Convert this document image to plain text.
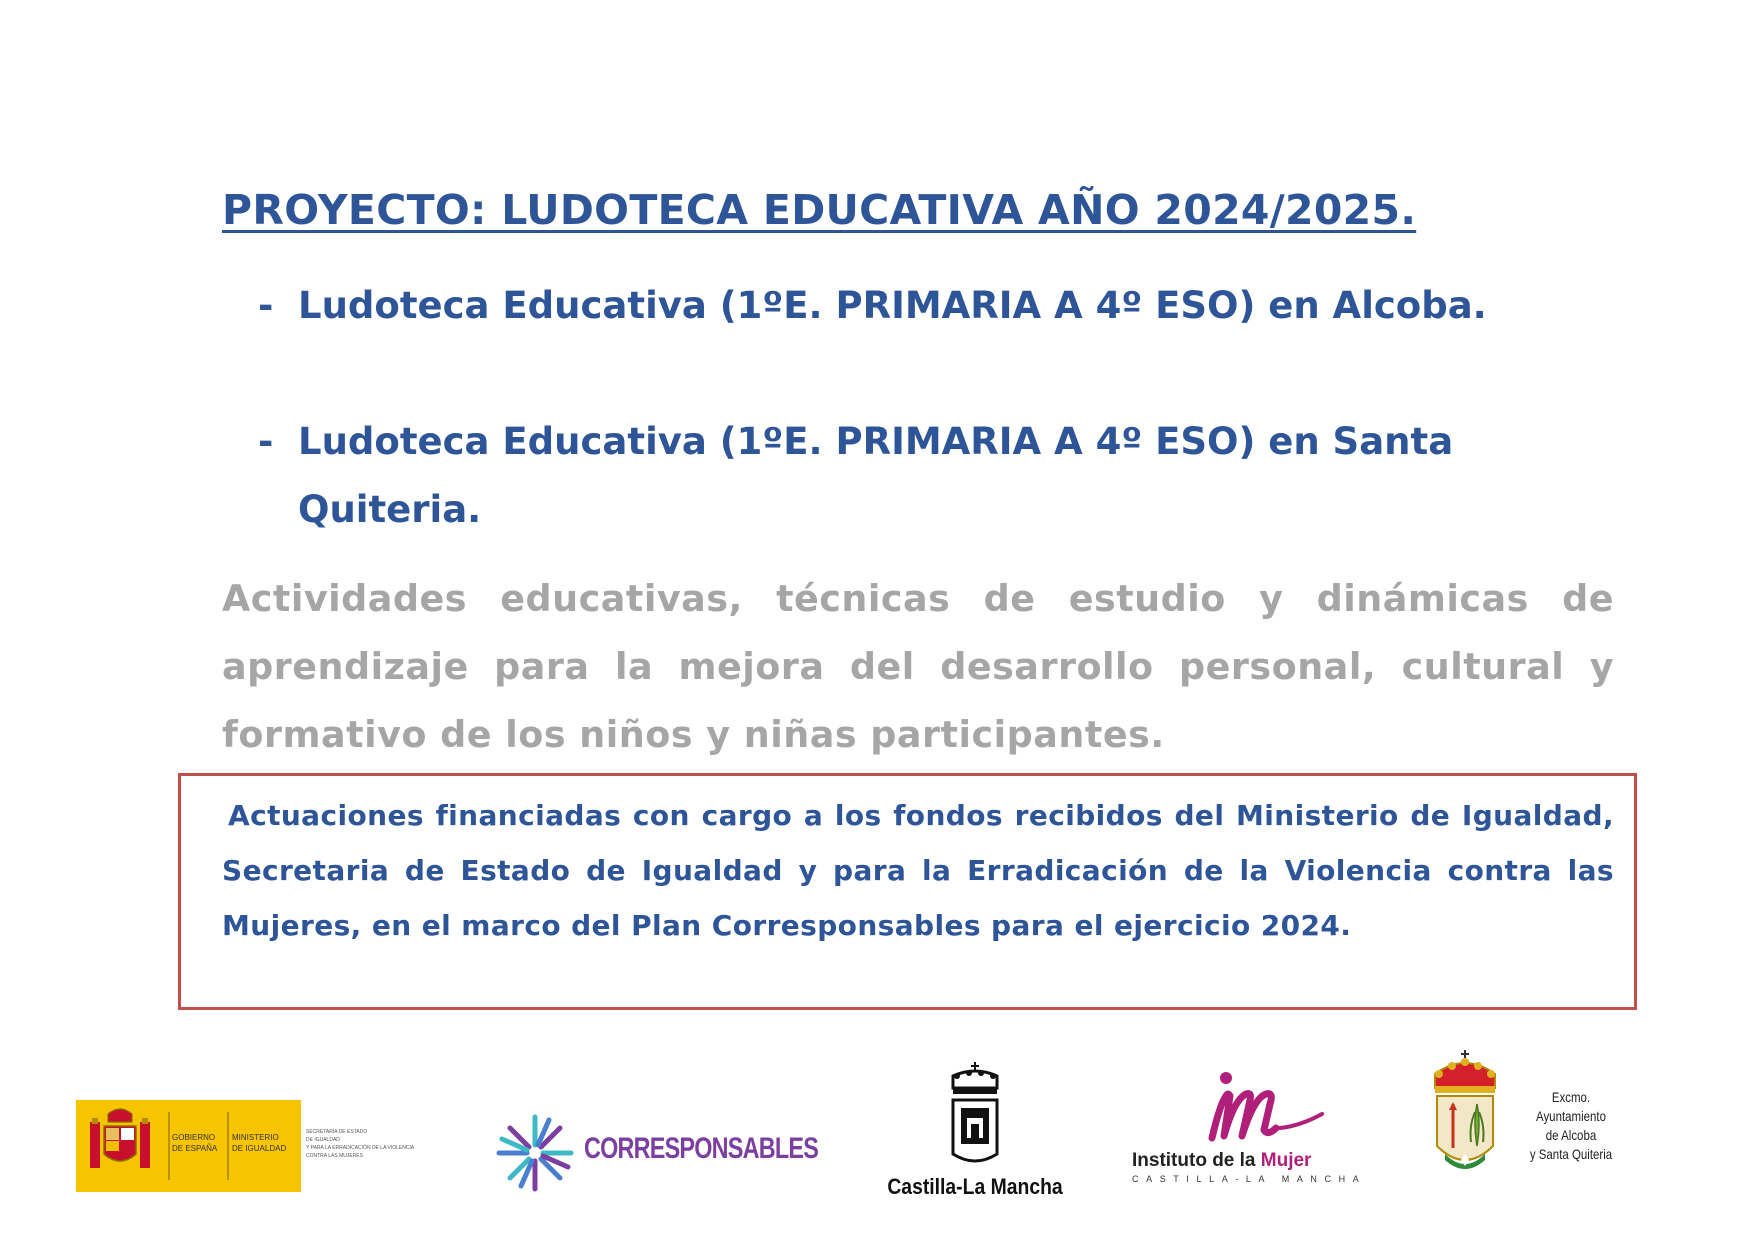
PROYECTO: LUDOTECA EDUCATIVA AÑO 2024/2025.
- Ludoteca Educativa (1ºE. PRIMARIA A 4º ESO) en Alcoba.
- Ludoteca Educativa (1ºE. PRIMARIA A 4º ESO) en Santa
Quiteria.

Actividades educativas, técnicas de estudio y dinámicas de aprendizaje para la mejora del desarrollo personal, cultural y formativo de los niños y niñas participantes.

Actuaciones financiadas con cargo a los fondos recibidos del Ministerio de Igualdad, Secretaria de Estado de Igualdad y para la Erradicación de la Violencia contra las Mujeres, en el marco del Plan Corresponsables para el ejercicio 2024.

GOBIERNO
DE ESPAÑA
MINISTERIO
DE IGUALDAD
SECRETARÍA DE ESTADO
DE IGUALDAD
Y PARA LA ERRADICACIÓN DE LA VIOLENCIA
CONTRA LAS MUJERES	CORRESPONSABLES
Castilla-La Mancha
Instituto de la Mujer
CASTILLA-LA MANCHA
Excmo.
Ayuntamiento
de Alcoba
y Santa Quiteria
